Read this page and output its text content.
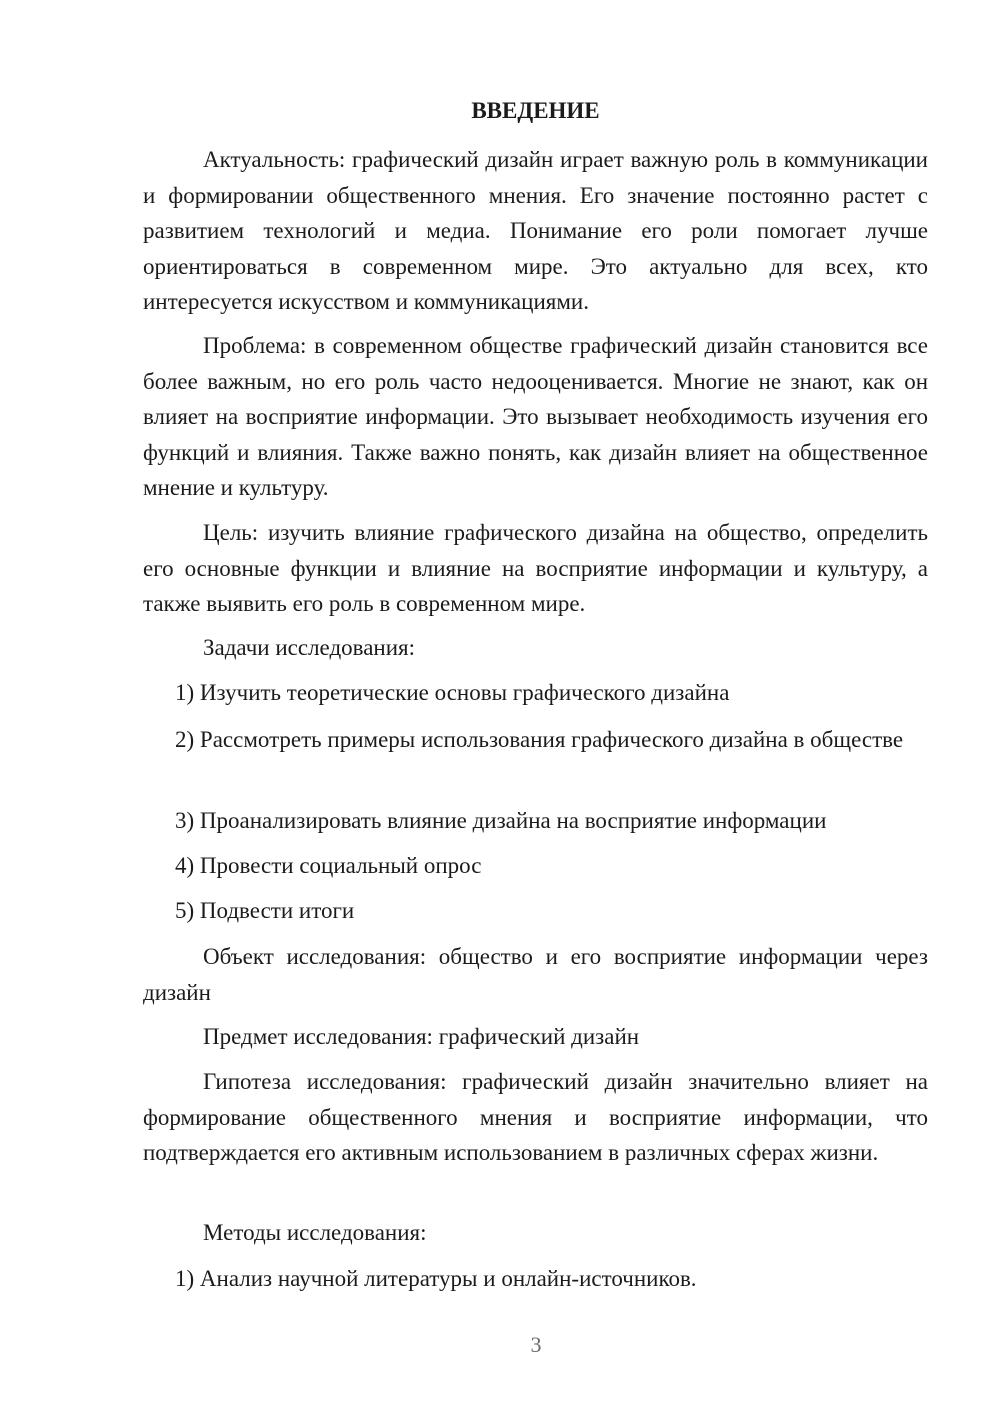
ВВЕДЕНИЕ

Актуальность: графический дизайн играет важную роль в коммуникации и формировании общественного мнения. Его значение постоянно растет с развитием технологий и медиа. Понимание его роли помогает лучше ориентироваться в современном мире. Это актуально для всех, кто интересуется искусством и коммуникациями.

Проблема: в современном обществе графический дизайн становится все более важным, но его роль часто недооценивается. Многие не знают, как он влияет на восприятие информации. Это вызывает необходимость изучения его функций и влияния. Также важно понять, как дизайн влияет на общественное мнение и культуру.

Цель: изучить влияние графического дизайна на общество, определить его основные функции и влияние на восприятие информации и культуру, а также выявить его роль в современном мире.

Задачи исследования:

1) Изучить теоретические основы графического дизайна

2) Рассмотреть примеры использования графического дизайна в обществе

3) Проанализировать влияние дизайна на восприятие информации

4) Провести социальный опрос

5) Подвести итоги

Объект исследования: общество и его восприятие информации через дизайн

Предмет исследования: графический дизайн

Гипотеза исследования: графический дизайн значительно влияет на формирование общественного мнения и восприятие информации, что подтверждается его активным использованием в различных сферах жизни.

Методы исследования:

1) Анализ научной литературы и онлайн-источников.

3
